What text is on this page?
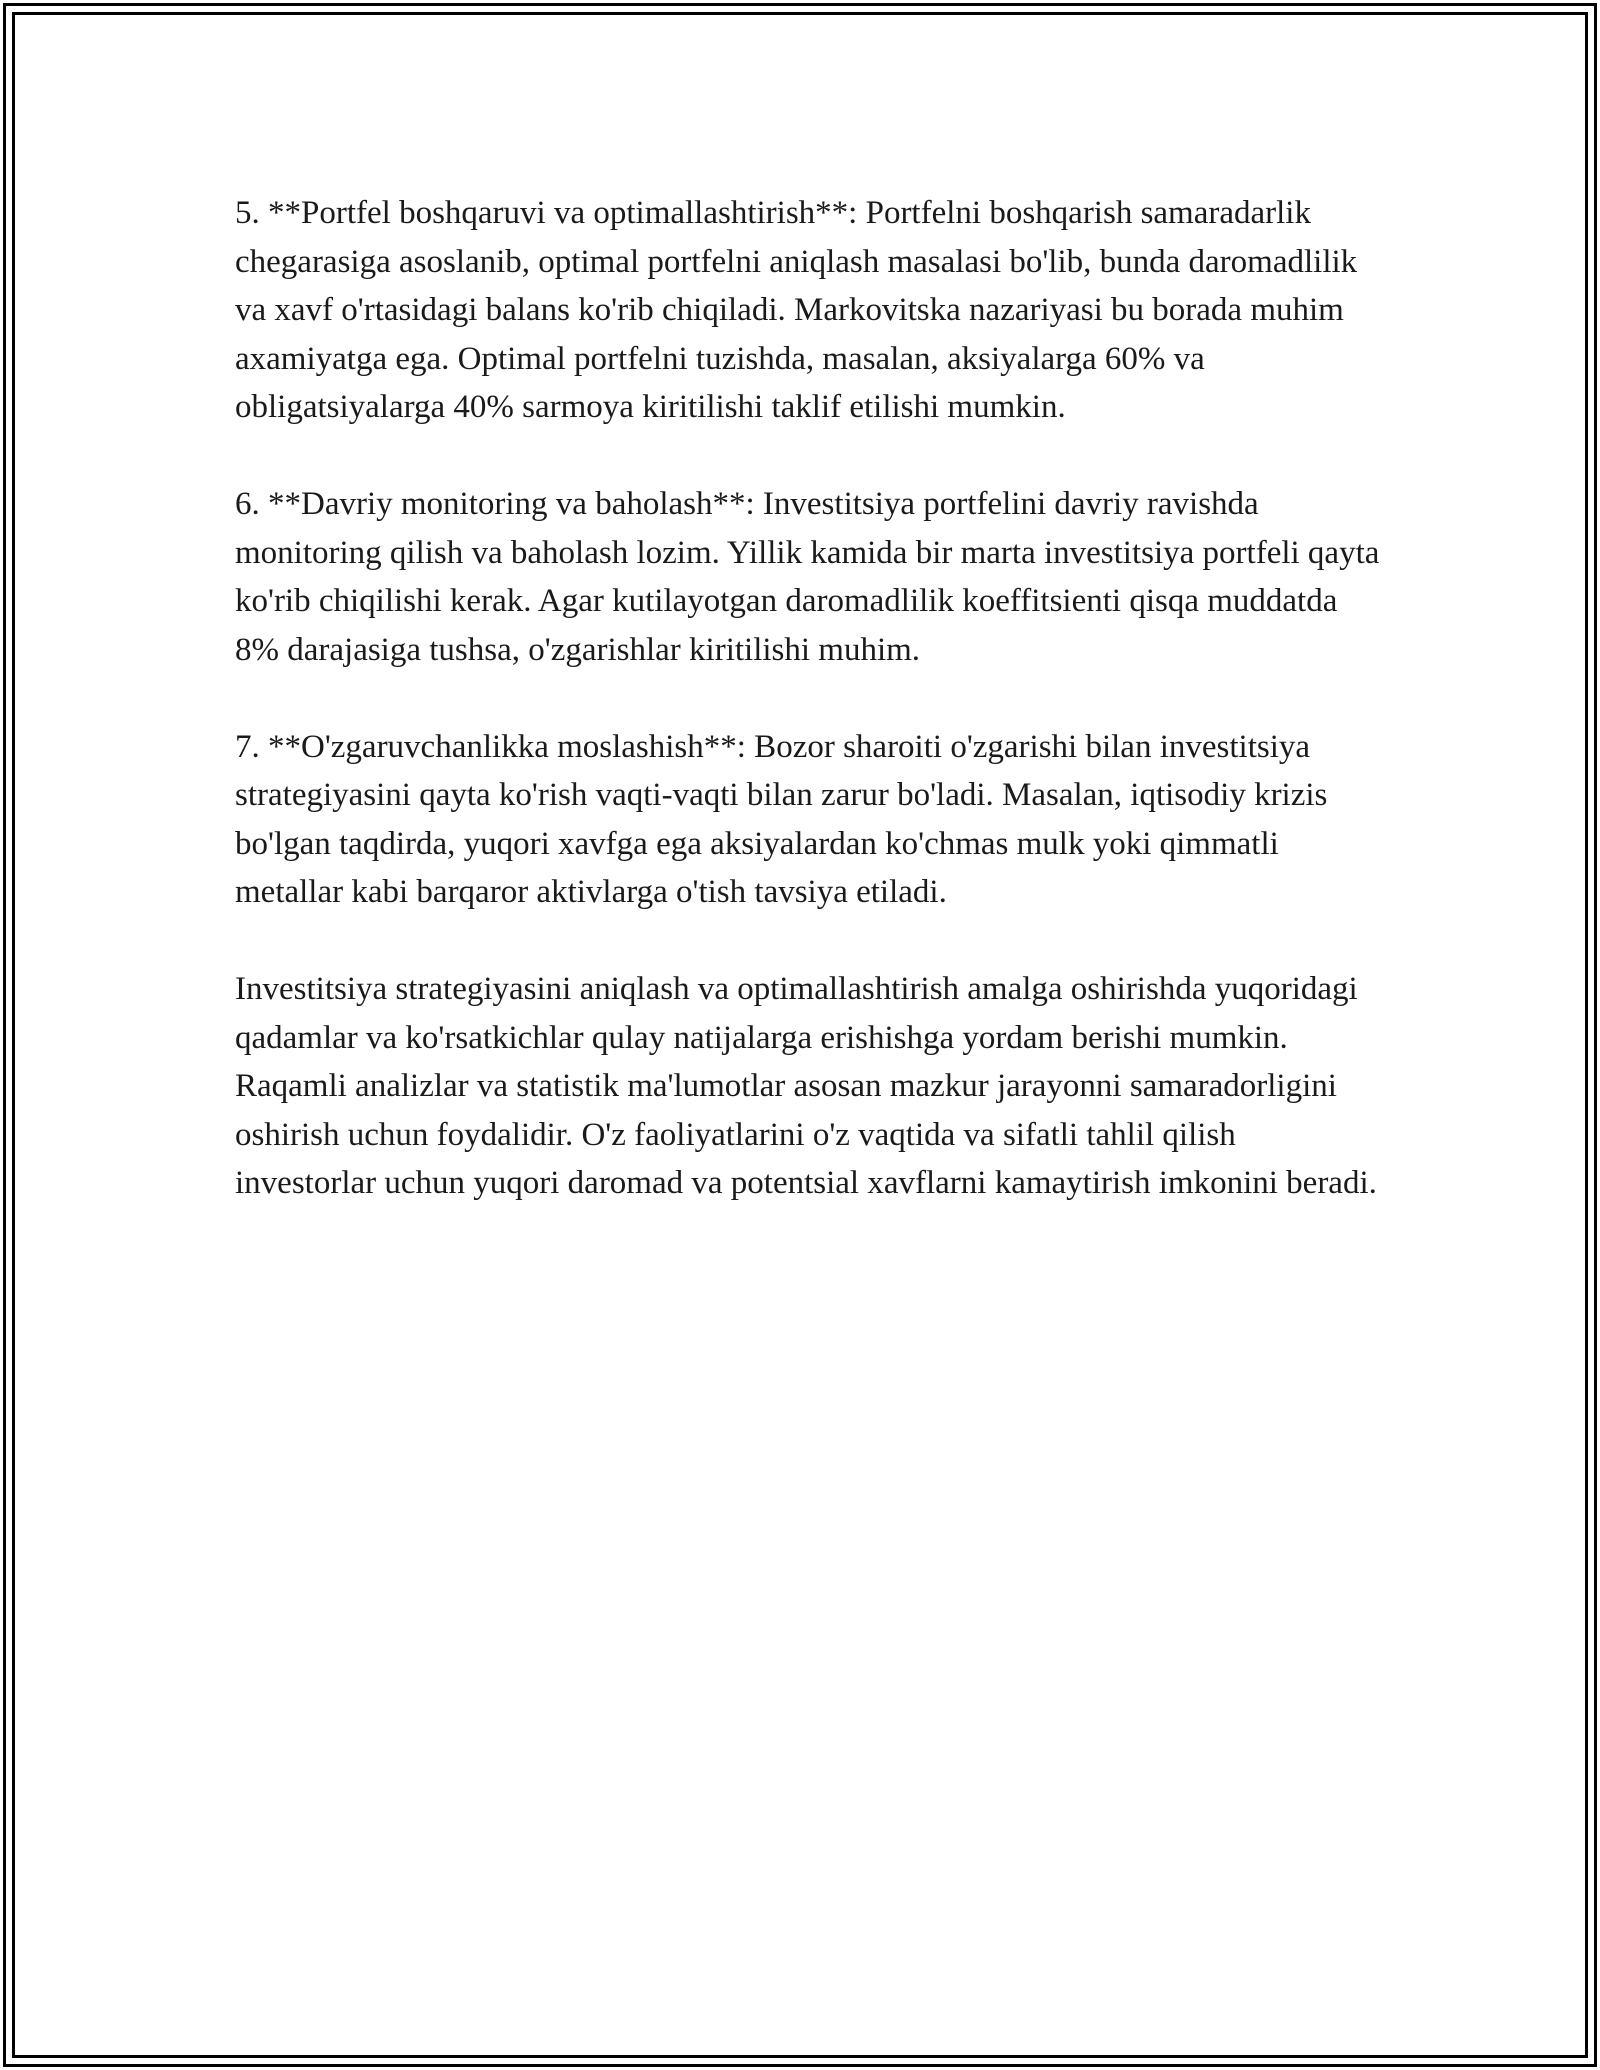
5. **Portfel boshqaruvi va optimallashtirish**: Portfelni boshqarish samaradarlik chegarasiga asoslanib, optimal portfelni aniqlash masalasi bo'lib, bunda daromadlilik va xavf o'rtasidagi balans ko'rib chiqiladi. Markovitska nazariyasi bu borada muhim axamiyatga ega. Optimal portfelni tuzishda, masalan, aksiyalarga 60% va obligatsiyalarga 40% sarmoya kiritilishi taklif etilishi mumkin.

6. **Davriy monitoring va baholash**: Investitsiya portfelini davriy ravishda monitoring qilish va baholash lozim. Yillik kamida bir marta investitsiya portfeli qayta ko'rib chiqilishi kerak. Agar kutilayotgan daromadlilik koeffitsienti qisqa muddatda 8% darajasiga tushsa, o'zgarishlar kiritilishi muhim.

7. **O'zgaruvchanlikka moslashish**: Bozor sharoiti o'zgarishi bilan investitsiya strategiyasini qayta ko'rish vaqti-vaqti bilan zarur bo'ladi. Masalan, iqtisodiy krizis bo'lgan taqdirda, yuqori xavfga ega aksiyalardan ko'chmas mulk yoki qimmatli metallar kabi barqaror aktivlarga o'tish tavsiya etiladi.

Investitsiya strategiyasini aniqlash va optimallashtirish amalga oshirishda yuqoridagi qadamlar va ko'rsatkichlar qulay natijalarga erishishga yordam berishi mumkin. Raqamli analizlar va statistik ma'lumotlar asosan mazkur jarayonni samaradorligini oshirish uchun foydalidir. O'z faoliyatlarini o'z vaqtida va sifatli tahlil qilish investorlar uchun yuqori daromad va potentsial xavflarni kamaytirish imkonini beradi.
